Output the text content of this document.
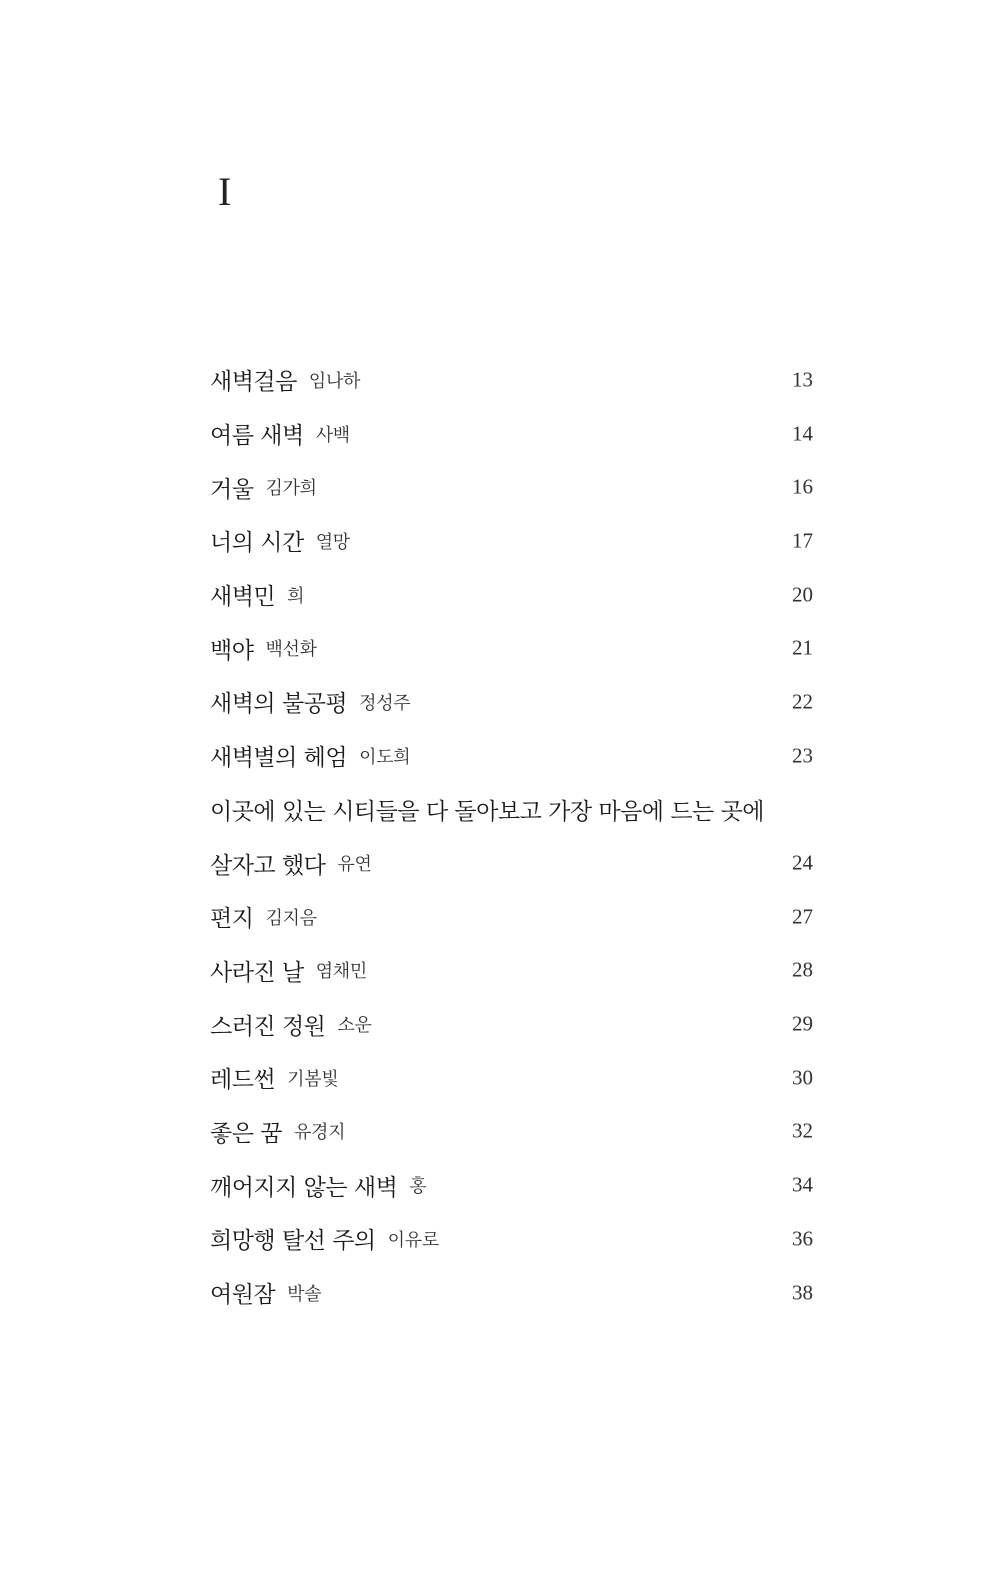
I
새벽걸음 임나하	13
여름 새벽 사백	14
거울 김가희	16
너의 시간 열망	17
새벽민 희	20
백야 백선화	21
새벽의 불공평 정성주	22
새벽별의 헤엄 이도희	23
이곳에 있는 시티들을 다 돌아보고 가장 마음에 드는 곳에
살자고 했다 유연	24
편지 김지음	27
사라진 날 염채민	28
스러진 정원 소운	29
레드썬 기봄빛	30
좋은 꿈 유경지	32
깨어지지 않는 새벽 홍	34
희망행 탈선 주의 이유로	36
여원잠 박솔	38
